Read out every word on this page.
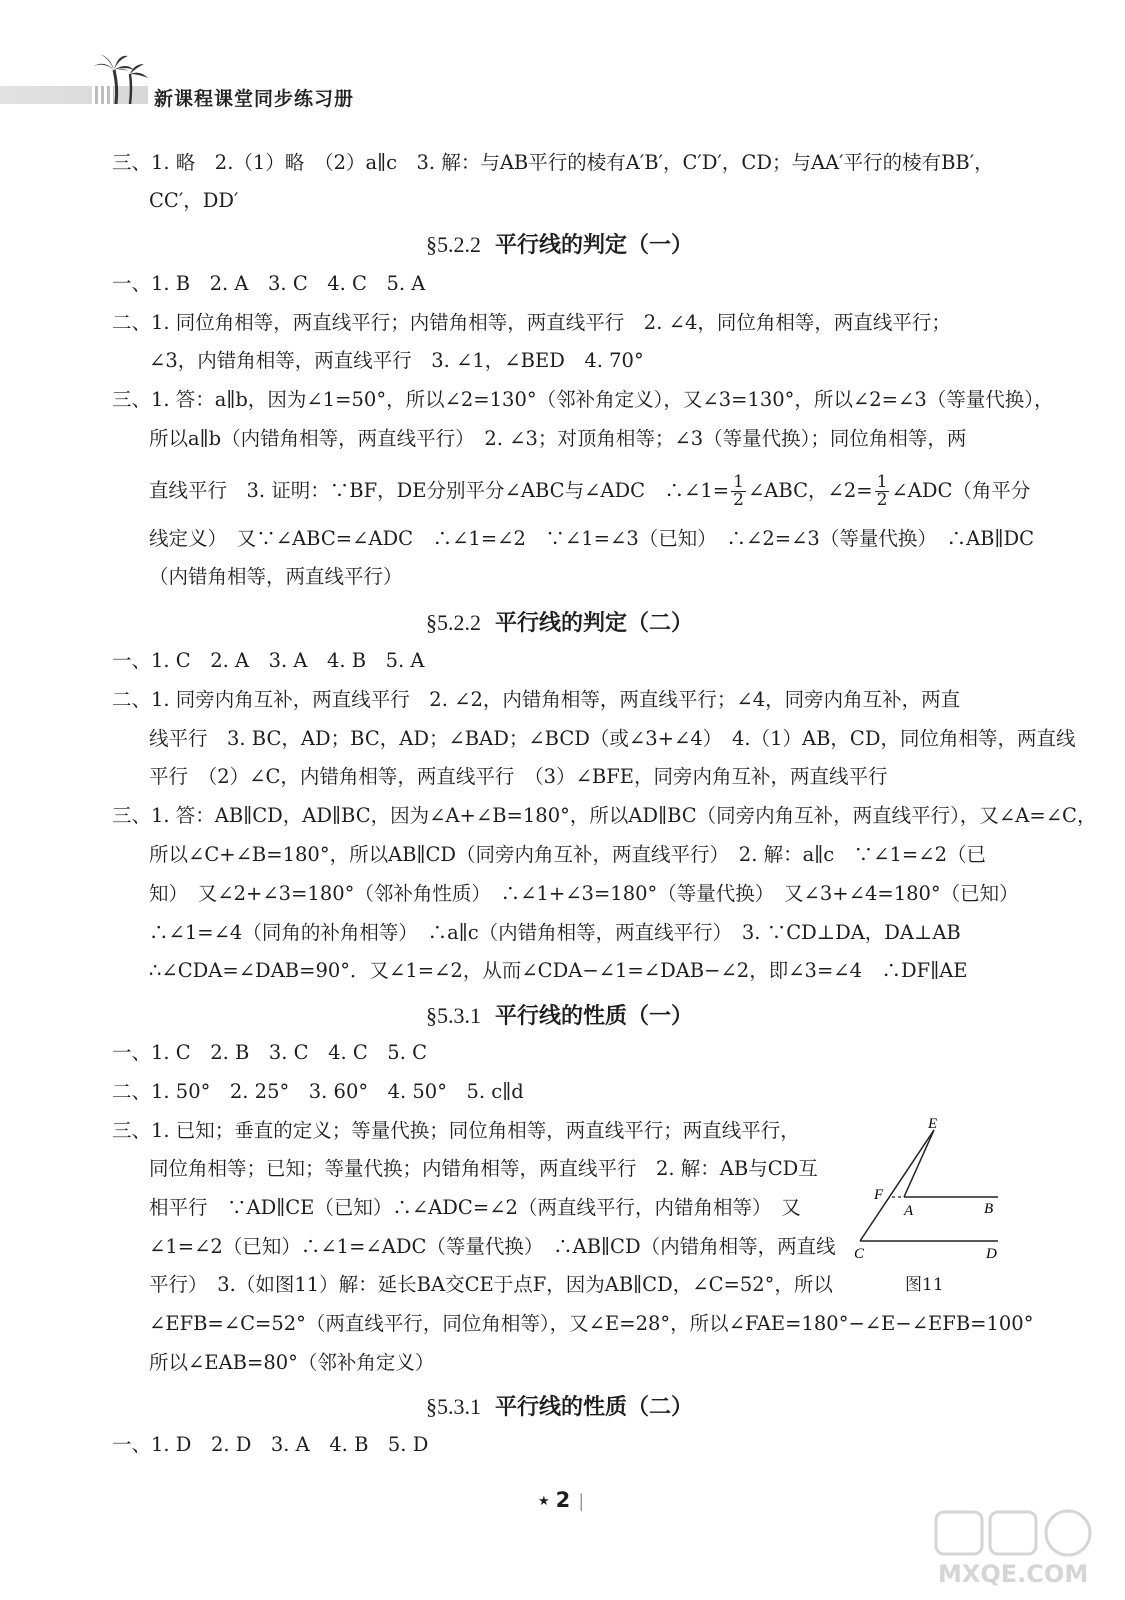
新课程课堂同步练习册
三、1. 略　2.（1）略　（2）a∥c　3. 解：与AB平行的棱有A′B′，C′D′，CD；与AA′平行的棱有BB′，
CC′，DD′
§5.2.2 平行线的判定（一）
一、1. B　2. A　3. C　4. C　5. A
二、1. 同位角相等，两直线平行；内错角相等，两直线平行　2. ∠4，同位角相等，两直线平行；
∠3，内错角相等，两直线平行　3. ∠1，∠BED　4. 70°
三、1. 答：a∥b，因为∠1=50°，所以∠2=130°（邻补角定义），又∠3=130°，所以∠2=∠3（等量代换），
所以a∥b（内错角相等，两直线平行）　2. ∠3；对顶角相等；∠3（等量代换）；同位角相等，两
直线平行　3. 证明：∵BF，DE分别平分∠ABC与∠ADC　∴∠1= $\frac{1}{2}$ ∠ABC，∠2= $\frac{1}{2}$ ∠ADC（角平分
线定义）　又∵∠ABC=∠ADC　∴∠1=∠2　∵∠1=∠3（已知）　∴∠2=∠3（等量代换）　∴AB∥DC
（内错角相等，两直线平行）
§5.2.2 平行线的判定（二）
一、1. C　2. A　3. A　4. B　5. A
二、1. 同旁内角互补，两直线平行　2. ∠2，内错角相等，两直线平行；∠4，同旁内角互补，两直
线平行　3. BC，AD；BC，AD；∠BAD；∠BCD（或∠3+∠4）　4.（1）AB，CD，同位角相等，两直线
平行　（2）∠C，内错角相等，两直线平行　（3）∠BFE，同旁内角互补，两直线平行
三、1. 答：AB∥CD，AD∥BC，因为∠A+∠B=180°，所以AD∥BC（同旁内角互补，两直线平行），又∠A=∠C，
所以∠C+∠B=180°，所以AB∥CD（同旁内角互补，两直线平行）　2. 解：a∥c　∵∠1=∠2（已
知）　又∠2+∠3=180°（邻补角性质）　∴∠1+∠3=180°（等量代换）　又∠3+∠4=180°（已知）
∴∠1=∠4（同角的补角相等）　∴a∥c（内错角相等，两直线平行）　3. ∵CD⊥DA，DA⊥AB
∴∠CDA=∠DAB=90°．又∠1=∠2，从而∠CDA−∠1=∠DAB−∠2，即∠3=∠4　∴DF∥AE
§5.3.1 平行线的性质（一）
一、1. C　2. B　3. C　4. C　5. C
二、1. 50°　2. 25°　3. 60°　4. 50°　5. c∥d
三、1. 已知；垂直的定义；等量代换；同位角相等，两直线平行；两直线平行，
同位角相等；已知；等量代换；内错角相等，两直线平行　2. 解：AB与CD互
相平行　∵AD∥CE（已知）∴∠ADC=∠2（两直线平行，内错角相等）　又
∠1=∠2（已知）∴∠1=∠ADC（等量代换）　∴AB∥CD（内错角相等，两直线
平行）　3.（如图11）解：延长BA交CE于点F，因为AB∥CD，∠C=52°，所以
∠EFB=∠C=52°（两直线平行，同位角相等），又∠E=28°，所以∠FAE=180°−∠E−∠EFB=100°
所以∠EAB=80°（邻补角定义）
§5.3.1 平行线的性质（二）
一、1. D　2. D　3. A　4. B　5. D
E
F
A	B
C	D
图11
★ 2 |
MXQE.COM
